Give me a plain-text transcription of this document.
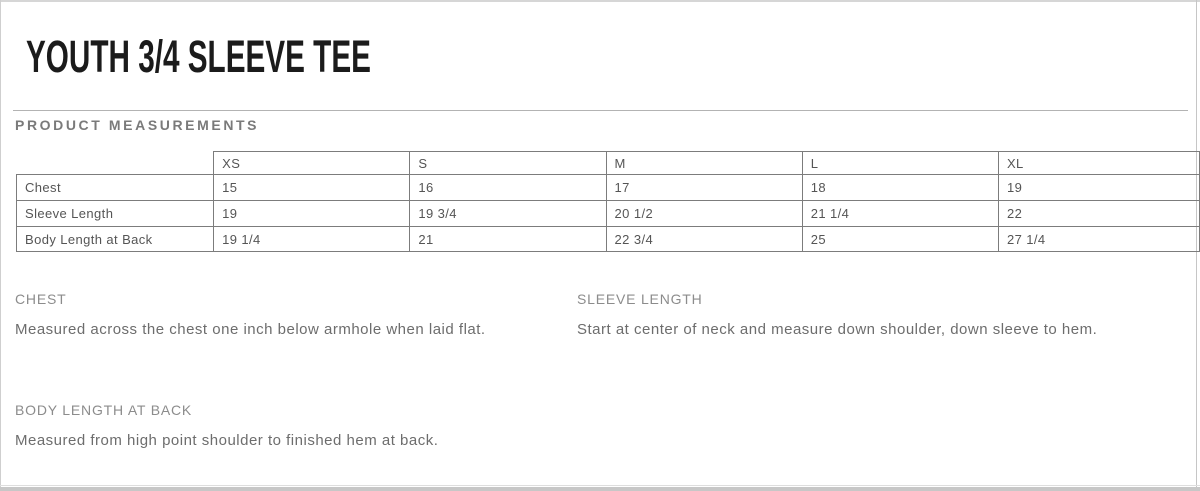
YOUTH 3/4 SLEEVE TEE
PRODUCT MEASUREMENTS
	XS	S	M	L	XL
Chest	15	16	17	18	19
Sleeve Length	19	19 3/4	20 1/2	21 1/4	22
Body Length at Back	19 1/4	21	22 3/4	25	27 1/4
CHEST
Measured across the chest one inch below armhole when laid flat.
SLEEVE LENGTH
Start at center of neck and measure down shoulder, down sleeve to hem.
BODY LENGTH AT BACK
Measured from high point shoulder to finished hem at back.
